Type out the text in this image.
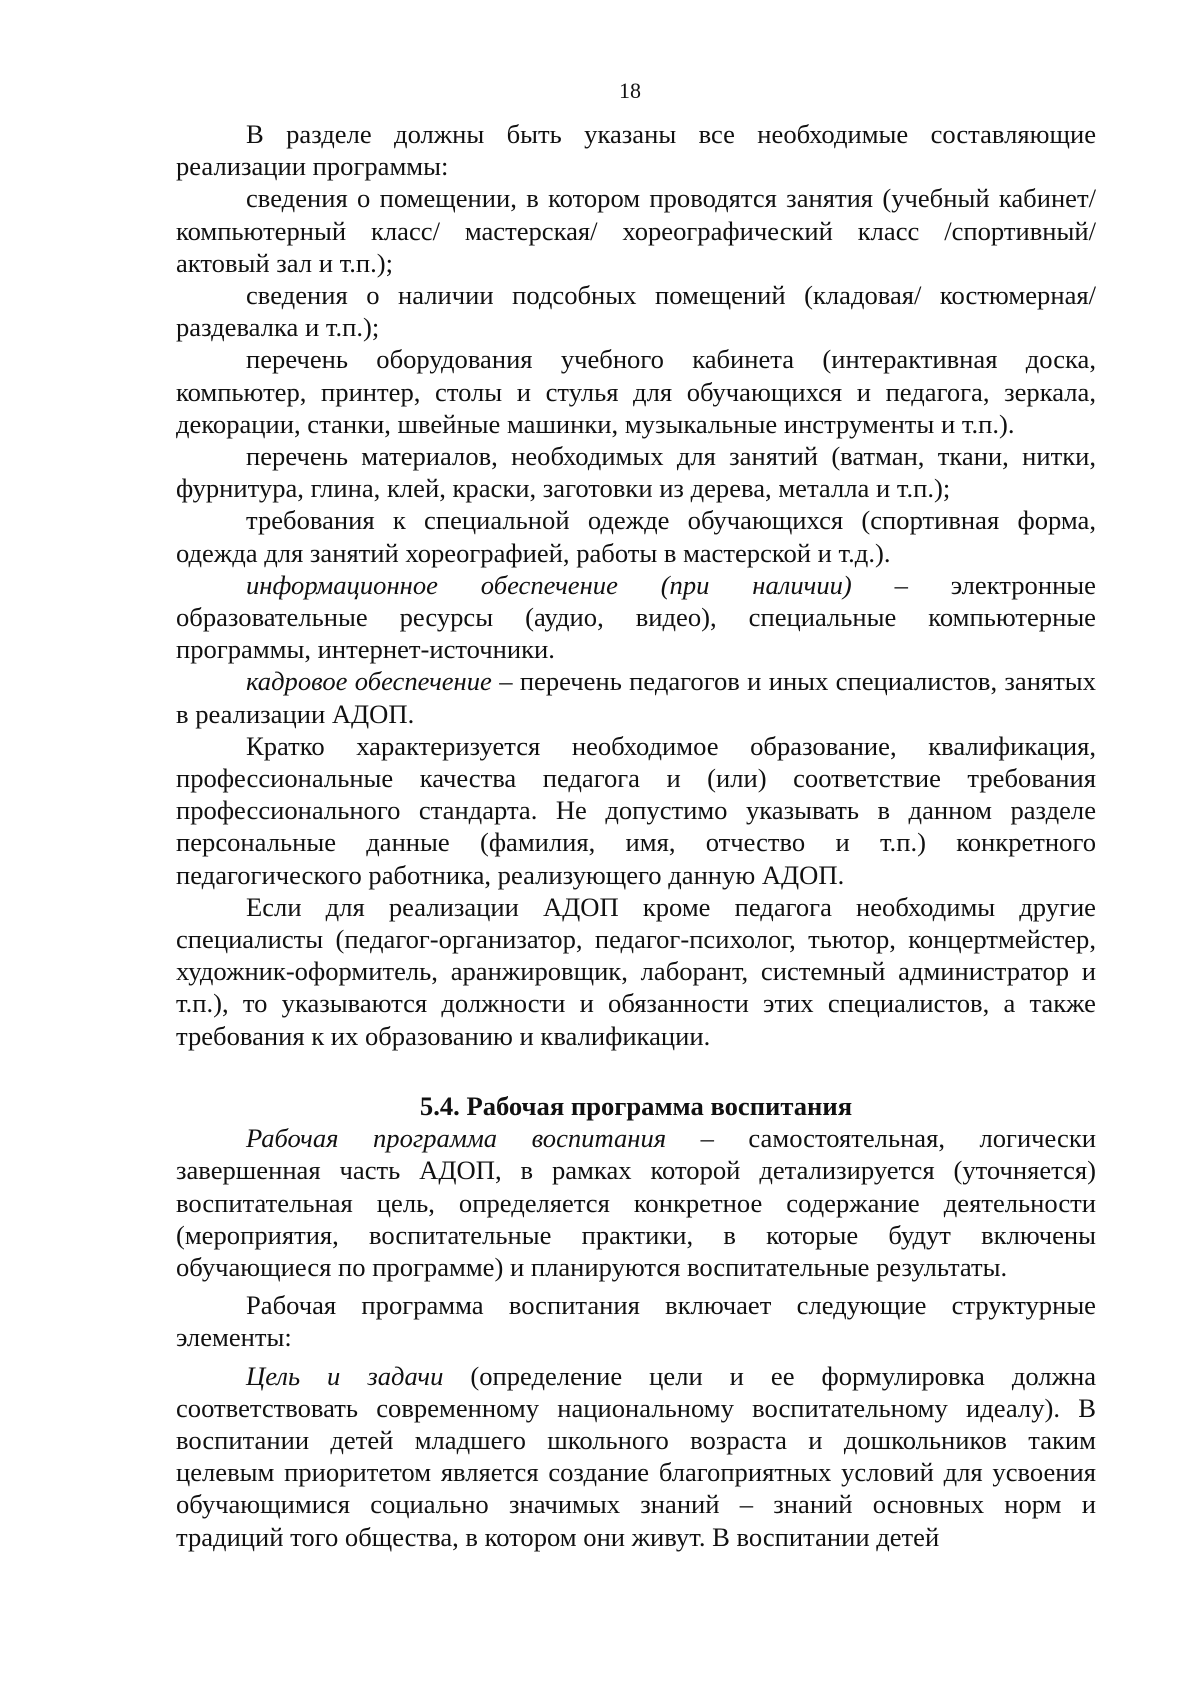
18

В разделе должны быть указаны все необходимые составляющие реализации программы:

сведения о помещении, в котором проводятся занятия (учебный кабинет/ компьютерный класс/ мастерская/ хореографический класс /спортивный/ актовый зал и т.п.);

сведения о наличии подсобных помещений (кладовая/ костюмерная/ раздевалка и т.п.);

перечень оборудования учебного кабинета (интерактивная доска, компьютер, принтер, столы и стулья для обучающихся и педагога, зеркала, декорации, станки, швейные машинки, музыкальные инструменты и т.п.).

перечень материалов, необходимых для занятий (ватман, ткани, нитки, фурнитура, глина, клей, краски, заготовки из дерева, металла и т.п.);

требования к специальной одежде обучающихся (спортивная форма, одежда для занятий хореографией, работы в мастерской и т.д.).

информационное обеспечение (при наличии) – электронные образовательные ресурсы (аудио, видео), специальные компьютерные программы, интернет-источники.

кадровое обеспечение – перечень педагогов и иных специалистов, занятых в реализации АДОП.

Кратко характеризуется необходимое образование, квалификация, профессиональные качества педагога и (или) соответствие требования профессионального стандарта. Не допустимо указывать в данном разделе персональные данные (фамилия, имя, отчество и т.п.) конкретного педагогического работника, реализующего данную АДОП.

Если для реализации АДОП кроме педагога необходимы другие специалисты (педагог-организатор, педагог-психолог, тьютор, концертмейстер, художник-оформитель, аранжировщик, лаборант, системный администратор и т.п.), то указываются должности и обязанности этих специалистов, а также требования к их образованию и квалификации.

5.4. Рабочая программа воспитания

Рабочая программа воспитания – самостоятельная, логически завершенная часть АДОП, в рамках которой детализируется (уточняется) воспитательная цель, определяется конкретное содержание деятельности (мероприятия, воспитательные практики, в которые будут включены обучающиеся по программе) и планируются воспитательные результаты.

Рабочая программа воспитания включает следующие структурные элементы:

Цель и задачи (определение цели и ее формулировка должна соответствовать современному национальному воспитательному идеалу). В воспитании детей младшего школьного возраста и дошкольников таким целевым приоритетом является создание благоприятных условий для усвоения обучающимися социально значимых знаний – знаний основных норм и традиций того общества, в котором они живут. В воспитании детей
